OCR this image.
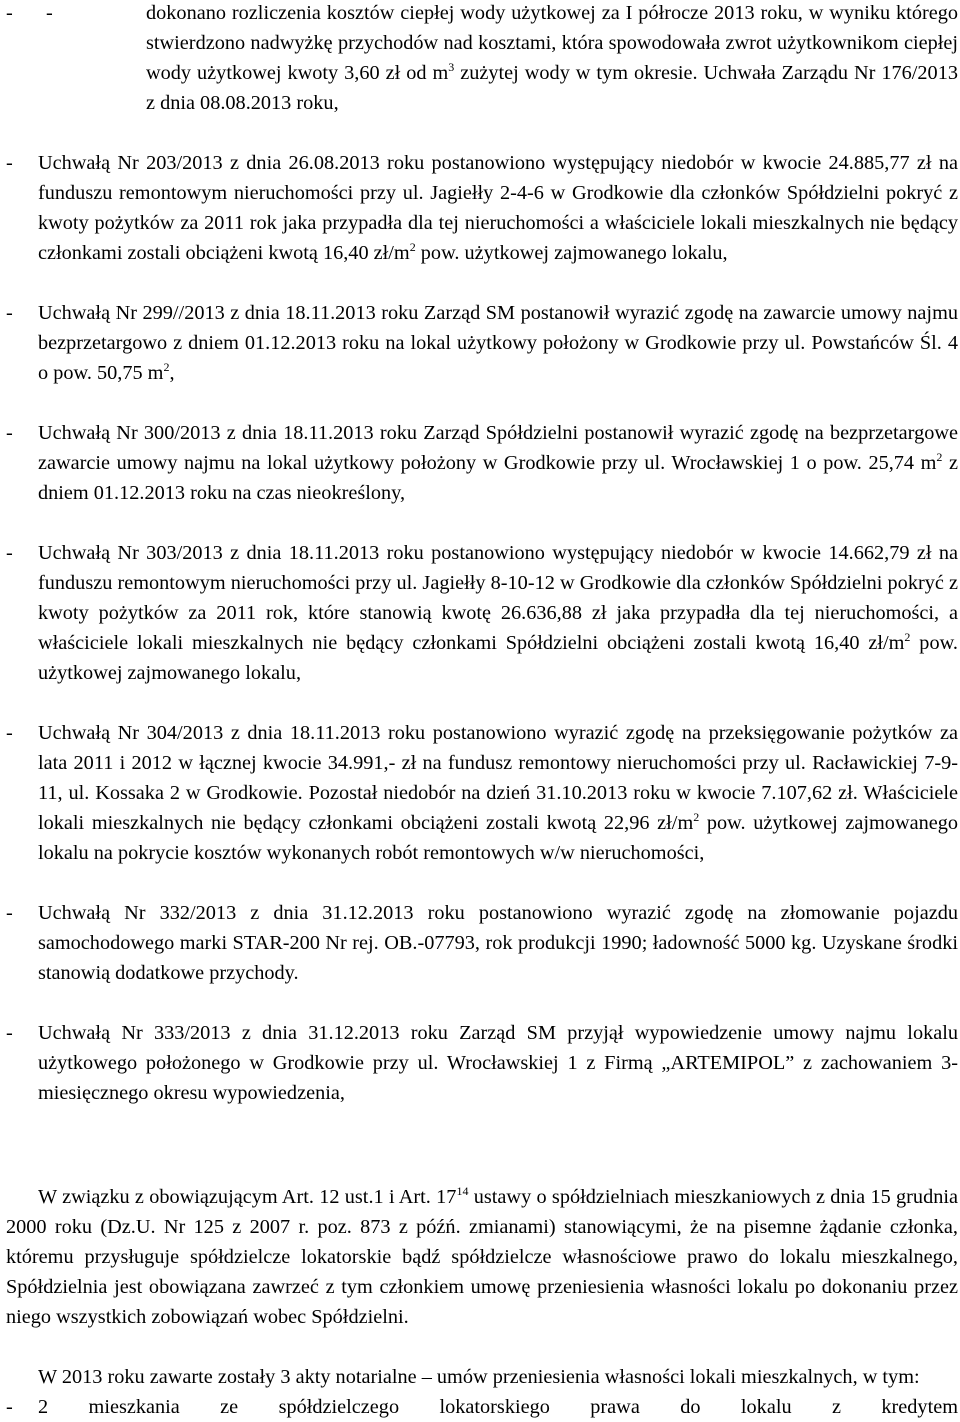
- -	dokonano rozliczenia kosztów ciepłej wody użytkowej za I półrocze 2013 roku, w wyniku którego stwierdzono nadwyżkę przychodów nad kosztami, która spowodowała zwrot użytkownikom ciepłej wody użytkowej kwoty 3,60 zł od $m^3$ zużytej wody w tym okresie. Uchwała Zarządu Nr 176/2013 z dnia 08.08.2013 roku,
- Uchwałą Nr 203/2013 z dnia 26.08.2013 roku postanowiono występujący niedobór w kwocie 24.885,77 zł na funduszu remontowym nieruchomości przy ul. Jagiełły 2-4-6 w Grodkowie dla członków Spółdzielni pokryć z kwoty pożytków za 2011 rok jaka przypadła dla tej nieruchomości a właściciele lokali mieszkalnych nie będący członkami zostali obciążeni kwotą 16,40 $zł/m^2$ pow. użytkowej zajmowanego lokalu,
- Uchwałą Nr 299//2013 z dnia 18.11.2013 roku Zarząd SM postanowił wyrazić zgodę na zawarcie umowy najmu bezprzetargowo z dniem 01.12.2013 roku na lokal użytkowy położony w Grodkowie przy ul. Powstańców Śl. 4 o pow. 50,75 $m^2$,
- Uchwałą Nr 300/2013 z dnia 18.11.2013 roku Zarząd Spółdzielni postanowił wyrazić zgodę na bezprzetargowe zawarcie umowy najmu na lokal użytkowy położony w Grodkowie przy ul. Wrocławskiej 1 o pow. 25,74 $m^2$ z dniem 01.12.2013 roku na czas nieokreślony,
- Uchwałą Nr 303/2013 z dnia 18.11.2013 roku postanowiono występujący niedobór w kwocie 14.662,79 zł na funduszu remontowym nieruchomości przy ul. Jagiełły 8-10-12 w Grodkowie dla członków Spółdzielni pokryć z kwoty pożytków za 2011 rok, które stanowią kwotę 26.636,88 zł jaka przypadła dla tej nieruchomości, a właściciele lokali mieszkalnych nie będący członkami Spółdzielni obciążeni zostali kwotą 16,40 $zł/m^2$ pow. użytkowej zajmowanego lokalu,
- Uchwałą Nr 304/2013 z dnia 18.11.2013 roku postanowiono wyrazić zgodę na przeksięgowanie pożytków za lata 2011 i 2012 w łącznej kwocie 34.991,- zł na fundusz remontowy nieruchomości przy ul. Racławickiej 7-9-11, ul. Kossaka 2 w Grodkowie. Pozostał niedobór na dzień 31.10.2013 roku w kwocie 7.107,62 zł. Właściciele lokali mieszkalnych nie będący członkami obciążeni zostali kwotą 22,96 $zł/m^2$ pow. użytkowej zajmowanego lokalu na pokrycie kosztów wykonanych robót remontowych w/w nieruchomości,
- Uchwałą Nr 332/2013 z dnia 31.12.2013 roku postanowiono wyrazić zgodę na złomowanie pojazdu samochodowego marki STAR-200 Nr rej. OB.-07793, rok produkcji 1990; ładowność 5000 kg. Uzyskane środki stanowią dodatkowe przychody.
- Uchwałą Nr 333/2013 z dnia 31.12.2013 roku Zarząd SM przyjął wypowiedzenie umowy najmu lokalu użytkowego położonego w Grodkowie przy ul. Wrocławskiej 1 z Firmą „ARTEMIPOL” z zachowaniem 3-miesięcznego okresu wypowiedzenia,
W związku z obowiązującym Art. 12 ust.1 i Art. $17^{14}$ ustawy o spółdzielniach mieszkaniowych z dnia 15 grudnia 2000 roku (Dz.U. Nr 125 z 2007 r. poz. 873 z późń. zmianami) stanowiącymi, że na pisemne żądanie członka, któremu przysługuje spółdzielcze lokatorskie bądź spółdzielcze własnościowe prawo do lokalu mieszkalnego, Spółdzielnia jest obowiązana zawrzeć z tym członkiem umowę przeniesienia własności lokalu po dokonaniu przez niego wszystkich zobowiązań wobec Spółdzielni.
W 2013 roku zawarte zostały 3 akty notarialne – umów przeniesienia własności lokali mieszkalnych, w tym:
- 2 mieszkania ze spółdzielczego lokatorskiego prawa do lokalu z kredytem
